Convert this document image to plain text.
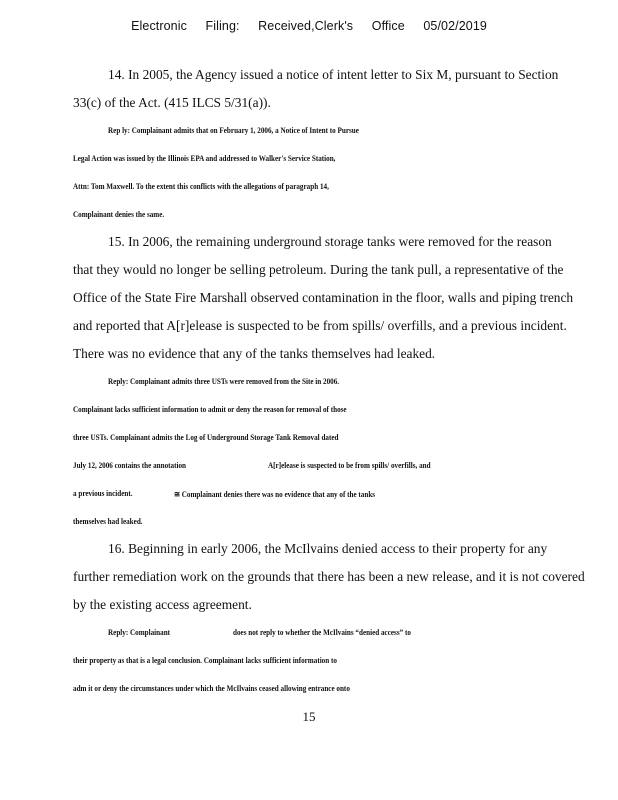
Electronic Filing: Received,Clerk's Office 05/02/2019
14. In 2005, the Agency issued a notice of intent letter to Six M, pursuant to Section
33(c) of the Act. (415 ILCS 5/31(a)).
Rep ly: Complainant admits that on February 1, 2006, a Notice of Intent to Pursue
Legal Action was issued by the Illinois EPA and addressed to Walker's Service Station,
Attn: Tom Maxwell. To the extent this conflicts with the allegations of paragraph 14,
Complainant denies the same.
15. In 2006, the remaining underground storage tanks were removed for the reason
that they would no longer be selling petroleum. During the tank pull, a representative of the
Office of the State Fire Marshall observed contamination in the floor, walls and piping trench
and reported that A[r]elease is suspected to be from spills/ overfills, and a previous incident.
There was no evidence that any of the tanks themselves had leaked.
Reply: Complainant admits three USTs were removed from the Site in 2006.
Complainant lacks sufficient information to admit or deny the reason for removal of those
three USTs. Complainant admits the Log of Underground Storage Tank Removal dated
July 12, 2006 contains the annotation	A[r]elease is suspected to be from spills/ overfills, and
a previous incident.	≅ Complainant denies there was no evidence that any of the tanks
themselves had leaked.
16. Beginning in early 2006, the McIlvains denied access to their property for any
further remediation work on the grounds that there has been a new release, and it is not covered
by the existing access agreement.
Reply: Complainant	does not reply to whether the McIlvains “denied access” to
their property as that is a legal conclusion. Complainant lacks sufficient information to
adm it or deny the circumstances under which the McIlvains ceased allowing entrance onto
15
